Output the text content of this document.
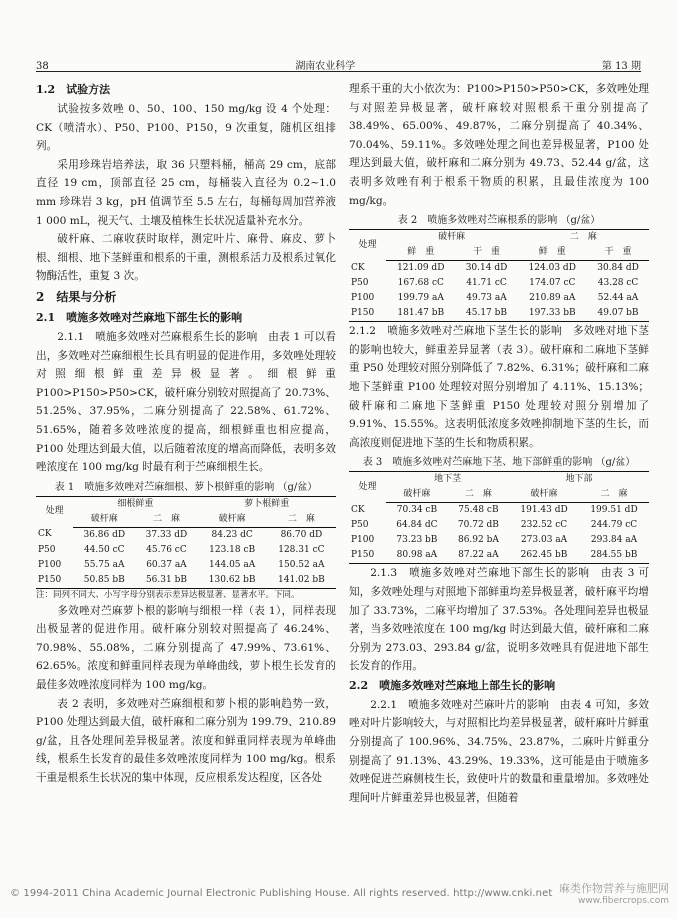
38	湖南农业科学	第 13 期
1.2　试验方法

试验按多效唑 0、50、100、150 mg/kg 设 4 个处理：CK（喷清水）、P50、P100、P150，9 次重复，随机区组排列。

采用珍珠岩培养法，取 36 只塑料桶，桶高 29 cm，底部直径 19 cm，顶部直径 25 cm，每桶装入直径为 0.2~1.0 mm 珍珠岩 3 kg，pH 值调节至 5.5 左右，每桶每周加营养液 1 000 mL，视天气、土壤及植株生长状况适量补充水分。

破杆麻、二麻收获时取样，测定叶片、麻骨、麻皮、萝卜根、细根、地下茎鲜重和根系的干重，测根系活力及根系过氧化物酶活性，重复 3 次。

2　结果与分析
2.1　喷施多效唑对苎麻地下部生长的影响

2.1.1　喷施多效唑对苎麻根系生长的影响　由表 1 可以看出，多效唑对苎麻细根生长具有明显的促进作用，多效唑处理较对照细根鲜重差异极显著。细根鲜重 P100>P150>P50>CK，破杆麻分别较对照提高了 20.73%、51.25%、37.95%，二麻分别提高了 22.58%、61.72%、51.65%，随着多效唑浓度的提高，细根鲜重也相应提高，P100 处理达到最大值，以后随着浓度的增高而降低，表明多效唑浓度在 100 mg/kg 时最有利于苎麻细根生长。

表 1　喷施多效唑对苎麻细根、萝卜根鲜重的影响 （g/盆）
处理	细根鲜重		萝卜根鲜重	
	破杆麻	二　麻	破杆麻	二　麻
CK	36.86 dD	37.33 dD	84.23 dC	86.70 dD
P50	44.50 cC	45.76 cC	123.18 cB	128.31 cC
P100	55.75 aA	60.37 aA	144.05 aA	150.52 aA
P150	50.85 bB	56.31 bB	130.62 bB	141.02 bB
注：同列不同大、小写字母分别表示差异达极显著、显著水平。下同。

多效唑对苎麻萝卜根的影响与细根一样（表 1），同样表现出极显著的促进作用。破杆麻分别较对照提高了 46.24%、70.98%、55.08%，二麻分别提高了 47.99%、73.61%、62.65%。浓度和鲜重同样表现为单峰曲线，萝卜根生长发育的最佳多效唑浓度同样为 100 mg/kg。

表 2 表明，多效唑对苎麻细根和萝卜根的影响趋势一致，P100 处理达到最大值，破杆麻和二麻分别为 199.79、210.89 g/盆，且各处理间差异极显著。浓度和鲜重同样表现为单峰曲线，根系生长发育的最佳多效唑浓度同样为 100 mg/kg。根系干重是根系生长状况的集中体现，反应根系发达程度，区各处

理系干重的大小依次为：P100>P150>P50>CK，多效唑处理与对照差异极显著，破杆麻较对照根系干重分别提高了 38.49%、65.00%、49.87%，二麻分别提高了 40.34%、70.04%、59.11%。多效唑处理之间也差异极显著，P100 处理达到最大值，破杆麻和二麻分别为 49.73、52.44 g/盆，这表明多效唑有利于根系干物质的积累，且最佳浓度为 100 mg/kg。

表 2　喷施多效唑对苎麻根系的影响 （g/盆）
处理	破杆麻		二　麻	
	鲜　重	干　重	鲜　重	干　重
CK	121.09 dD	30.14 dD	124.03 dD	30.84 dD
P50	167.68 cC	41.71 cC	174.07 cC	43.28 cC
P100	199.79 aA	49.73 aA	210.89 aA	52.44 aA
P150	181.47 bB	45.17 bB	197.33 bB	49.07 bB

2.1.2　喷施多效唑对苎麻地下茎生长的影响　多效唑对地下茎的影响也较大，鲜重差异显著（表 3）。破杆麻和二麻地下茎鲜重 P50 处理较对照分别降低了 7.82%、6.31%；破杆麻和二麻地下茎鲜重 P100 处理较对照分别增加了 4.11%、15.13%；破杆麻和二麻地下茎鲜重 P150 处理较对照分别增加了 9.91%、15.55%。这表明低浓度多效唑抑制地下茎的生长，而高浓度则促进地下茎的生长和物质积累。

表 3　喷施多效唑对苎麻地下茎、地下部鲜重的影响 （g/盆）
处理	地下茎		地下部	
	破杆麻	二　麻	破杆麻	二　麻
CK	70.34 cB	75.48 cB	191.43 dD	199.51 dD
P50	64.84 dC	70.72 dB	232.52 cC	244.79 cC
P100	73.23 bB	86.92 bA	273.03 aA	293.84 aA
P150	80.98 aA	87.22 aA	262.45 bB	284.55 bB

2.1.3　喷施多效唑对苎麻地下部生长的影响　由表 3 可知，多效唑处理与对照地下部鲜重均差异极显著，破杆麻平均增加了 33.73%，二麻平均增加了 37.53%。各处理间差异也极显著，当多效唑浓度在 100 mg/kg 时达到最大值，破杆麻和二麻分别为 273.03、293.84 g/盆，说明多效唑具有促进地下部生长发育的作用。

2.2　喷施多效唑对苎麻地上部生长的影响

2.2.1　喷施多效唑对苎麻叶片的影响　由表 4 可知，多效唑对叶片影响较大，与对照相比均差异极显著，破杆麻叶片鲜重分别提高了 100.96%、34.75%、23.87%，二麻叶片鲜重分别提高了 91.13%、43.29%、19.33%，这可能是由于喷施多效唑促进苎麻侧枝生长，致使叶片的数量和重量增加。多效唑处理间叶片鲜重差异也极显著，但随着

© 1994-2011 China Academic Journal Electronic Publishing House. All rights reserved. http://www.cnki.net 麻类作物营养与施肥网
www.fibercrops.com
